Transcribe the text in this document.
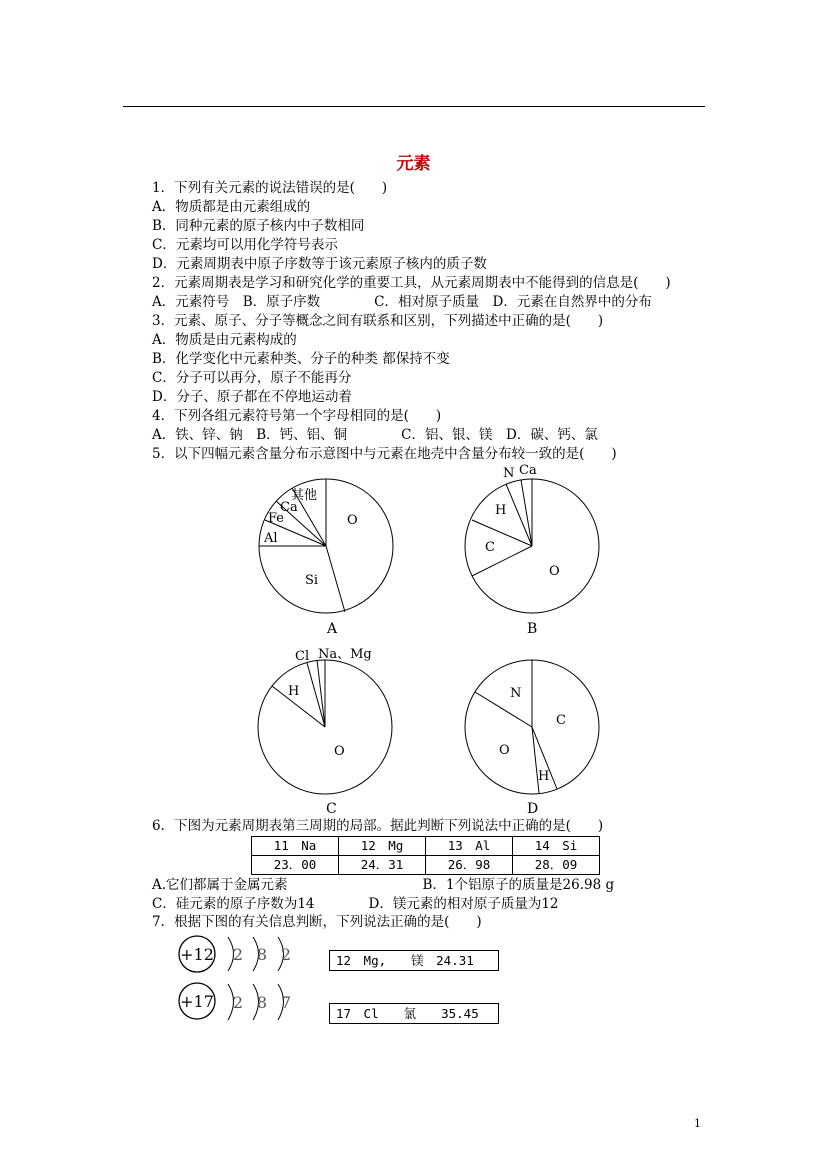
元素
1．下列有关元素的说法错误的是(　　)
A．物质都是由元素组成的
B．同种元素的原子核内中子数相同
C．元素均可以用化学符号表示
D．元素周期表中原子序数等于该元素原子核内的质子数
2．元素周期表是学习和研究化学的重要工具，从元素周期表中不能得到的信息是(　　)
A．元素符号　B．原子序数　　　　C．相对原子质量　D．元素在自然界中的分布
3．元素、原子、分子等概念之间有联系和区别，下列描述中正确的是(　　)
A．物质是由元素构成的
B．化学变化中元素种类、分子的种类 都保持不变
C．分子可以再分，原子不能再分
D．分子、原子都在不停地运动着
4．下列各组元素符号第一个字母相同的是(　　)
A．铁、锌、钠　B．钙、铝、铜　　　　C．铝、银、镁　D．碳、钙、氯
5．以下四幅元素含量分布示意图中与元素在地壳中含量分布较一致的是(　　)
O
Si
Al
Fe
Ca
其他
A
O
C
H
N Ca
B
O
H
Cl Na、Mg
C
C
H
O
N
D
6．下图为元素周期表第三周期的局部。据此判断下列说法中正确的是(　　)
11　Na	12　Mg	13　Al	14　Si
23．00	24．31	26．98	28．09
A.它们都属于金属元素　　　　　　　　　　B．1个铝原子的质量是26.98 g
C．硅元素的原子序数为14　　　　D．镁元素的相对原子质量为12
7．根据下图的有关信息判断，下列说法正确的是(　　)
+12 2 8 2	12　Mg,　　镁　24.31
+17 2 8 7
17　Cl　　氯　　35.45
1
